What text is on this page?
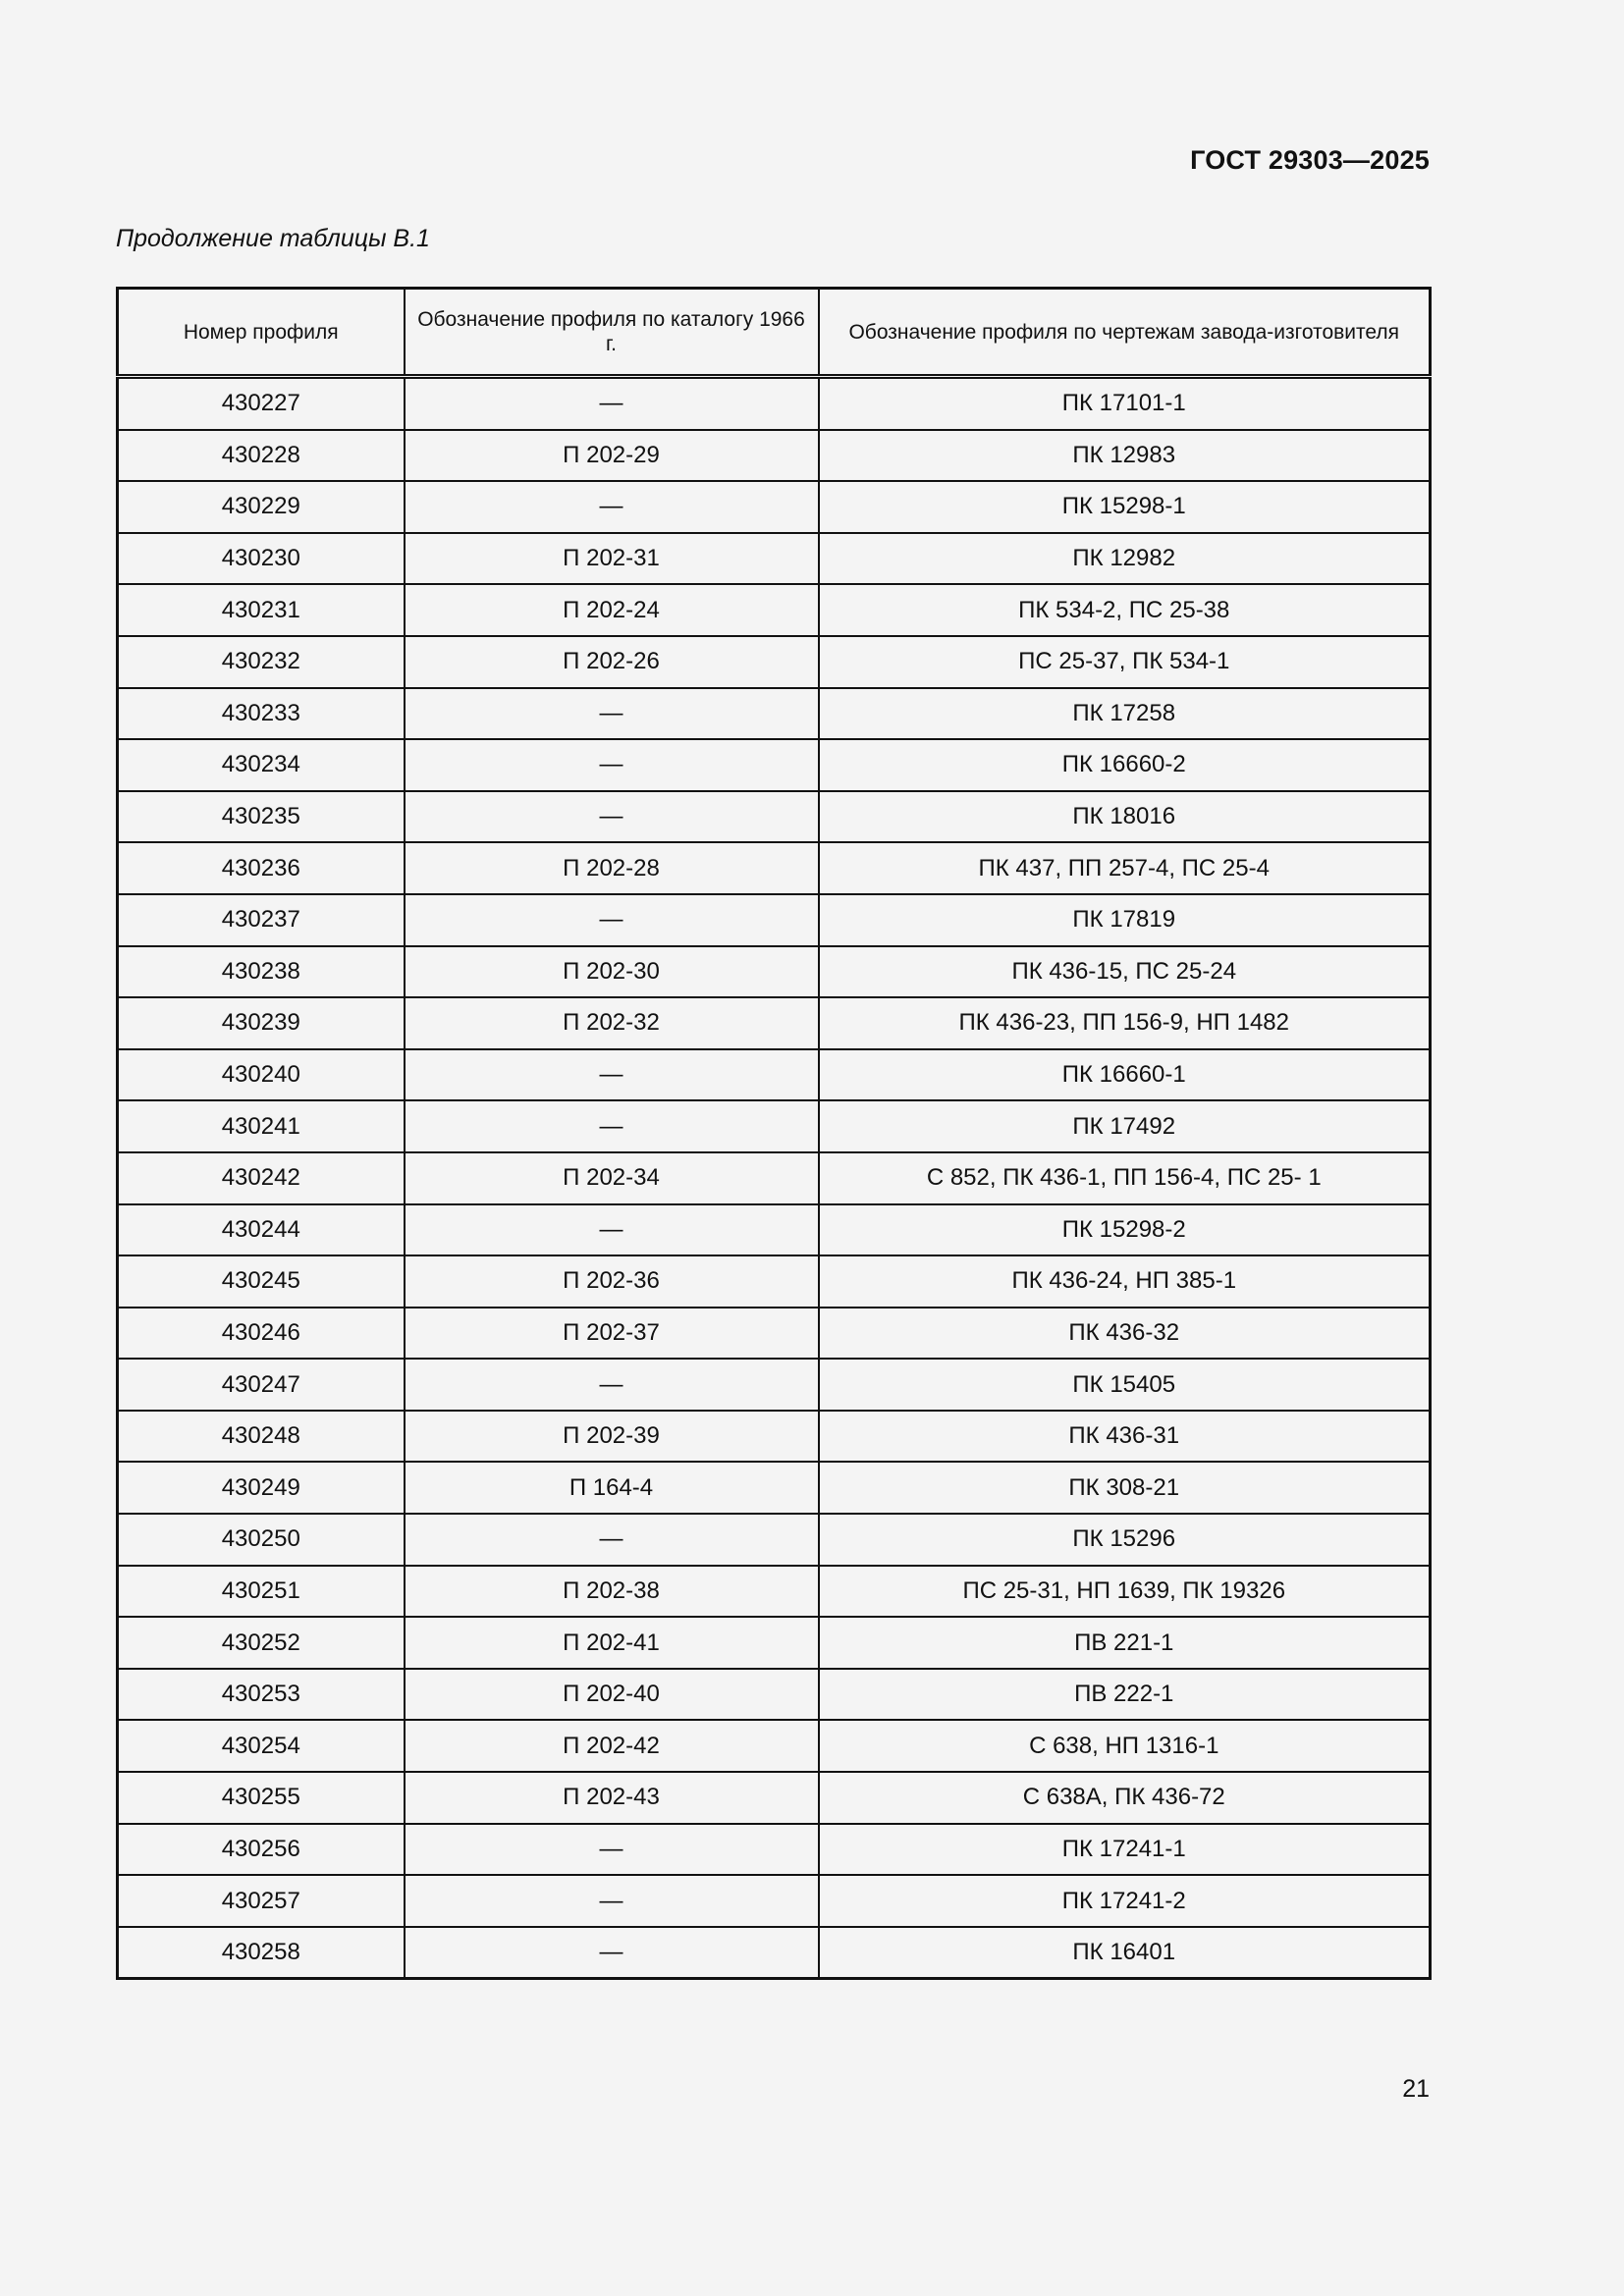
ГОСТ 29303—2025
Продолжение таблицы В.1
Номер профиля	Обозначение профиля по каталогу 1966 г.	Обозначение профиля по чертежам завода-изготовителя
430227	—	ПК 17101-1
430228	П 202-29	ПК 12983
430229	—	ПК 15298-1
430230	П 202-31	ПК 12982
430231	П 202-24	ПК 534-2, ПС 25-38
430232	П 202-26	ПС 25-37, ПК 534-1
430233	—	ПК 17258
430234	—	ПК 16660-2
430235	—	ПК 18016
430236	П 202-28	ПК 437, ПП 257-4, ПС 25-4
430237	—	ПК 17819
430238	П 202-30	ПК 436-15, ПС 25-24
430239	П 202-32	ПК 436-23, ПП 156-9, НП 1482
430240	—	ПК 16660-1
430241	—	ПК 17492
430242	П 202-34	С 852, ПК 436-1, ПП 156-4, ПС 25- 1
430244	—	ПК 15298-2
430245	П 202-36	ПК 436-24, НП 385-1
430246	П 202-37	ПК 436-32
430247	—	ПК 15405
430248	П 202-39	ПК 436-31
430249	П 164-4	ПК 308-21
430250	—	ПК 15296
430251	П 202-38	ПС 25-31, НП 1639, ПК 19326
430252	П 202-41	ПВ 221-1
430253	П 202-40	ПВ 222-1
430254	П 202-42	С 638, НП 1316-1
430255	П 202-43	С 638А, ПК 436-72
430256	—	ПК 17241-1
430257	—	ПК 17241-2
430258	—	ПК 16401
21
